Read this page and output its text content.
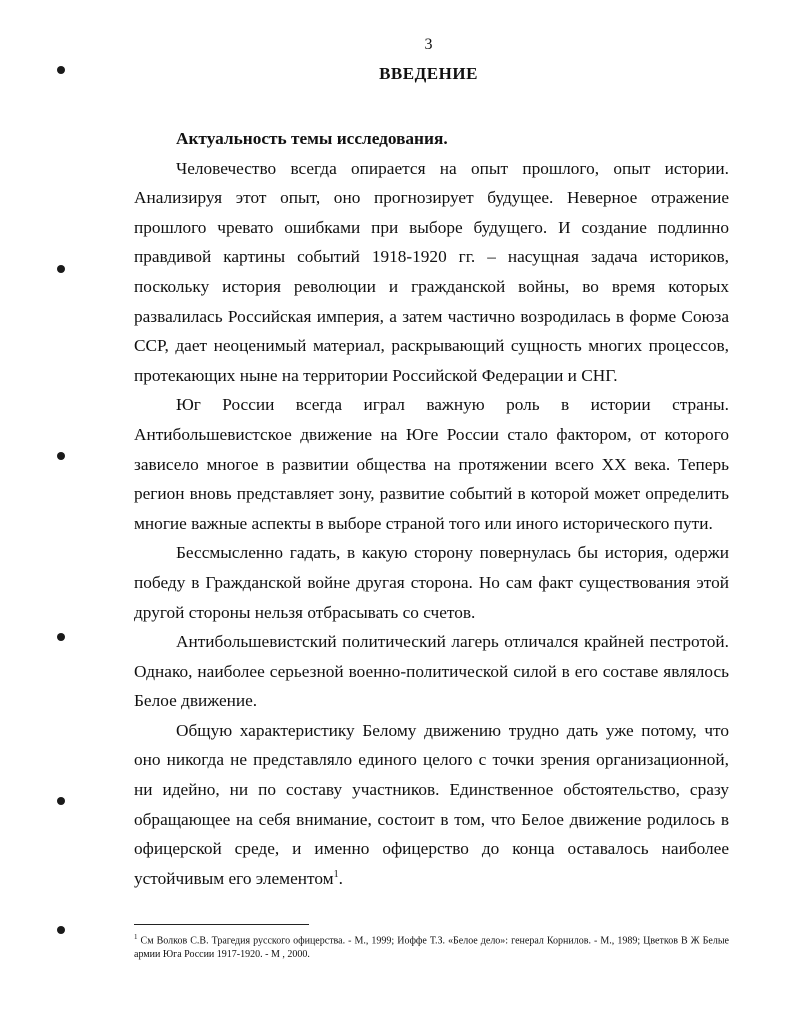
3
ВВЕДЕНИЕ

Актуальность темы исследования.

Человечество всегда опирается на опыт прошлого, опыт истории. Анализируя этот опыт, оно прогнозирует будущее. Неверное отражение прошлого чревато ошибками при выборе будущего. И создание подлинно правдивой картины событий 1918-1920 гг. – насущная задача историков, поскольку история революции и гражданской войны, во время которых развалилась Российская империя, а затем частично возродилась в форме Союза ССР, дает неоценимый материал, раскрывающий сущность многих процессов, протекающих ныне на территории Российской Федерации и СНГ.

Юг России всегда играл важную роль в истории страны. Антибольшевистское движение на Юге России стало фактором, от которого зависело многое в развитии общества на протяжении всего XX века. Теперь регион вновь представляет зону, развитие событий в которой может определить многие важные аспекты в выборе страной того или иного исторического пути.

Бессмысленно гадать, в какую сторону повернулась бы история, одержи победу в Гражданской войне другая сторона. Но сам факт существования этой другой стороны нельзя отбрасывать со счетов.

Антибольшевистский политический лагерь отличался крайней пестротой. Однако, наиболее серьезной военно-политической силой в его составе являлось Белое движение.

Общую характеристику Белому движению трудно дать уже потому, что оно никогда не представляло единого целого с точки зрения организационной, ни идейно, ни по составу участников. Единственное обстоятельство, сразу обращающее на себя внимание, состоит в том, что Белое движение родилось в офицерской среде, и именно офицерство до конца оставалось наиболее устойчивым его элементом$^1$.

$^1$ См Волков С.В. Трагедия русского офицерства. - М., 1999; Иоффе Т.З. «Белое дело»: генерал Корнилов. - М., 1989; Цветков В Ж Белые армии Юга России 1917-1920. - М , 2000.
